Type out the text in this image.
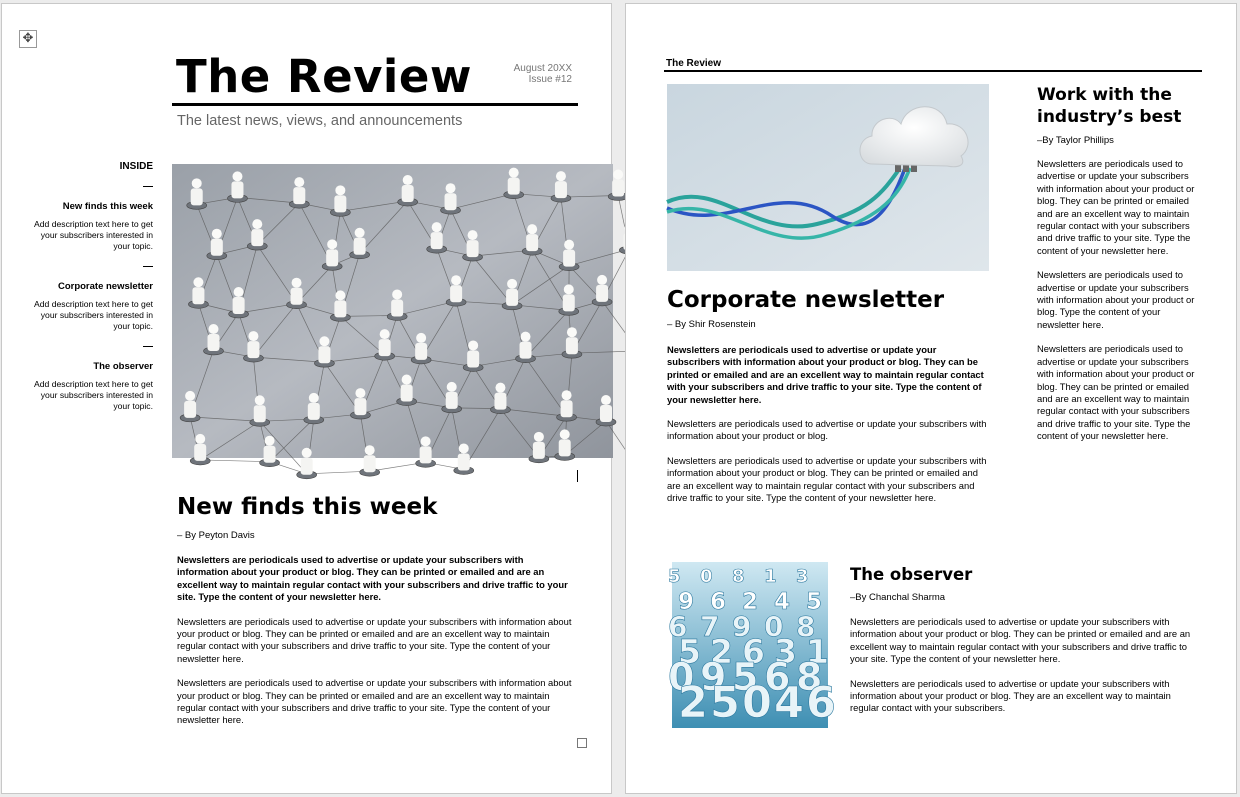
✥
The Review	August 20XX
Issue #12
The latest news, views, and announcements
INSIDE
New finds this week
Add description text here to get your subscribers interested in your topic.
Corporate newsletter
Add description text here to get your subscribers interested in your topic.
The observer
Add description text here to get your subscribers interested in your topic.
New finds this week
– By Peyton Davis

Newsletters are periodicals used to advertise or update your subscribers with information about your product or blog. They can be printed or emailed and are an excellent way to maintain regular contact with your subscribers and drive traffic to your site. Type the content of your newsletter here.

Newsletters are periodicals used to advertise or update your subscribers with information about your product or blog. They can be printed or emailed and are an excellent way to maintain regular contact with your subscribers and drive traffic to your site. Type the content of your newsletter here.

Newsletters are periodicals used to advertise or update your subscribers with information about your product or blog. They can be printed or emailed and are an excellent way to maintain regular contact with your subscribers and drive traffic to your site. Type the content of your newsletter here.

The Review
Corporate newsletter
– By Shir Rosenstein

Newsletters are periodicals used to advertise or update your subscribers with information about your product or blog. They can be printed or emailed and are an excellent way to maintain regular contact with your subscribers and drive traffic to your site. Type the content of your newsletter here.

Newsletters are periodicals used to advertise or update your subscribers with information about your product or blog.

Newsletters are periodicals used to advertise or update your subscribers with information about your product or blog. They can be printed or emailed and are an excellent way to maintain regular contact with your subscribers and drive traffic to your site. Type the content of your newsletter here.

Work with the industry’s best
–By Taylor Phillips

Newsletters are periodicals used to advertise or update your subscribers with information about your product or blog. They can be printed or emailed and are an excellent way to maintain regular contact with your subscribers and drive traffic to your site. Type the content of your newsletter here.

Newsletters are periodicals used to advertise or update your subscribers with information about your product or blog. Type the content of your newsletter here.

Newsletters are periodicals used to advertise or update your subscribers with information about your product or blog. They can be printed or emailed and are an excellent way to maintain regular contact with your subscribers and drive traffic to your site. Type the content of your newsletter here.

5 0 8 1 3
9 6 2 4 5
6 7 9 0 8
5 2 6 3 1
0 9 5 6 8
2 5 0 4 6
The observer
–By Chanchal Sharma

Newsletters are periodicals used to advertise or update your subscribers with information about your product or blog. They can be printed or emailed and are an excellent way to maintain regular contact with your subscribers and drive traffic to your site. Type the content of your newsletter here.

Newsletters are periodicals used to advertise or update your subscribers with information about your product or blog. They are an excellent way to maintain regular contact with your subscribers.
